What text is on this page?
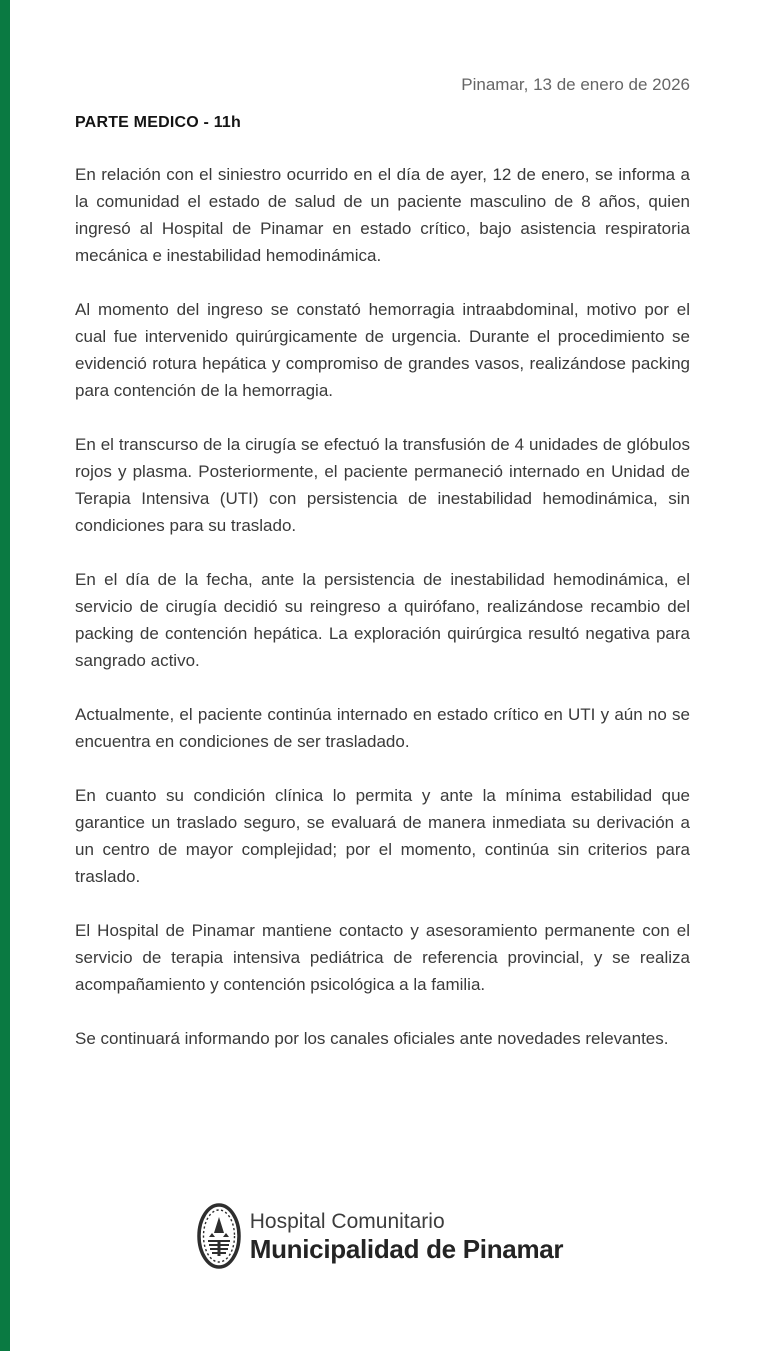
Pinamar, 13 de enero de 2026
PARTE MEDICO - 11h

En relación con el siniestro ocurrido en el día de ayer, 12 de enero, se informa a la comunidad el estado de salud de un paciente masculino de 8 años, quien ingresó al Hospital de Pinamar en estado crítico, bajo asistencia respiratoria mecánica e inestabilidad hemodinámica.

Al momento del ingreso se constató hemorragia intraabdominal, motivo por el cual fue intervenido quirúrgicamente de urgencia. Durante el procedimiento se evidenció rotura hepática y compromiso de grandes vasos, realizándose packing para contención de la hemorragia.

En el transcurso de la cirugía se efectuó la transfusión de 4 unidades de glóbulos rojos y plasma. Posteriormente, el paciente permaneció internado en Unidad de Terapia Intensiva (UTI) con persistencia de inestabilidad hemodinámica, sin condiciones para su traslado.

En el día de la fecha, ante la persistencia de inestabilidad hemodinámica, el servicio de cirugía decidió su reingreso a quirófano, realizándose recambio del packing de contención hepática. La exploración quirúrgica resultó negativa para sangrado activo.

Actualmente, el paciente continúa internado en estado crítico en UTI y aún no se encuentra en condiciones de ser trasladado.

En cuanto su condición clínica lo permita y ante la mínima estabilidad que garantice un traslado seguro, se evaluará de manera inmediata su derivación a un centro de mayor complejidad; por el momento, continúa sin criterios para traslado.

El Hospital de Pinamar mantiene contacto y asesoramiento permanente con el servicio de terapia intensiva pediátrica de referencia provincial, y se realiza acompañamiento y contención psicológica a la familia.

Se continuará informando por los canales oficiales ante novedades relevantes.

Hospital Comunitario
Municipalidad de Pinamar
